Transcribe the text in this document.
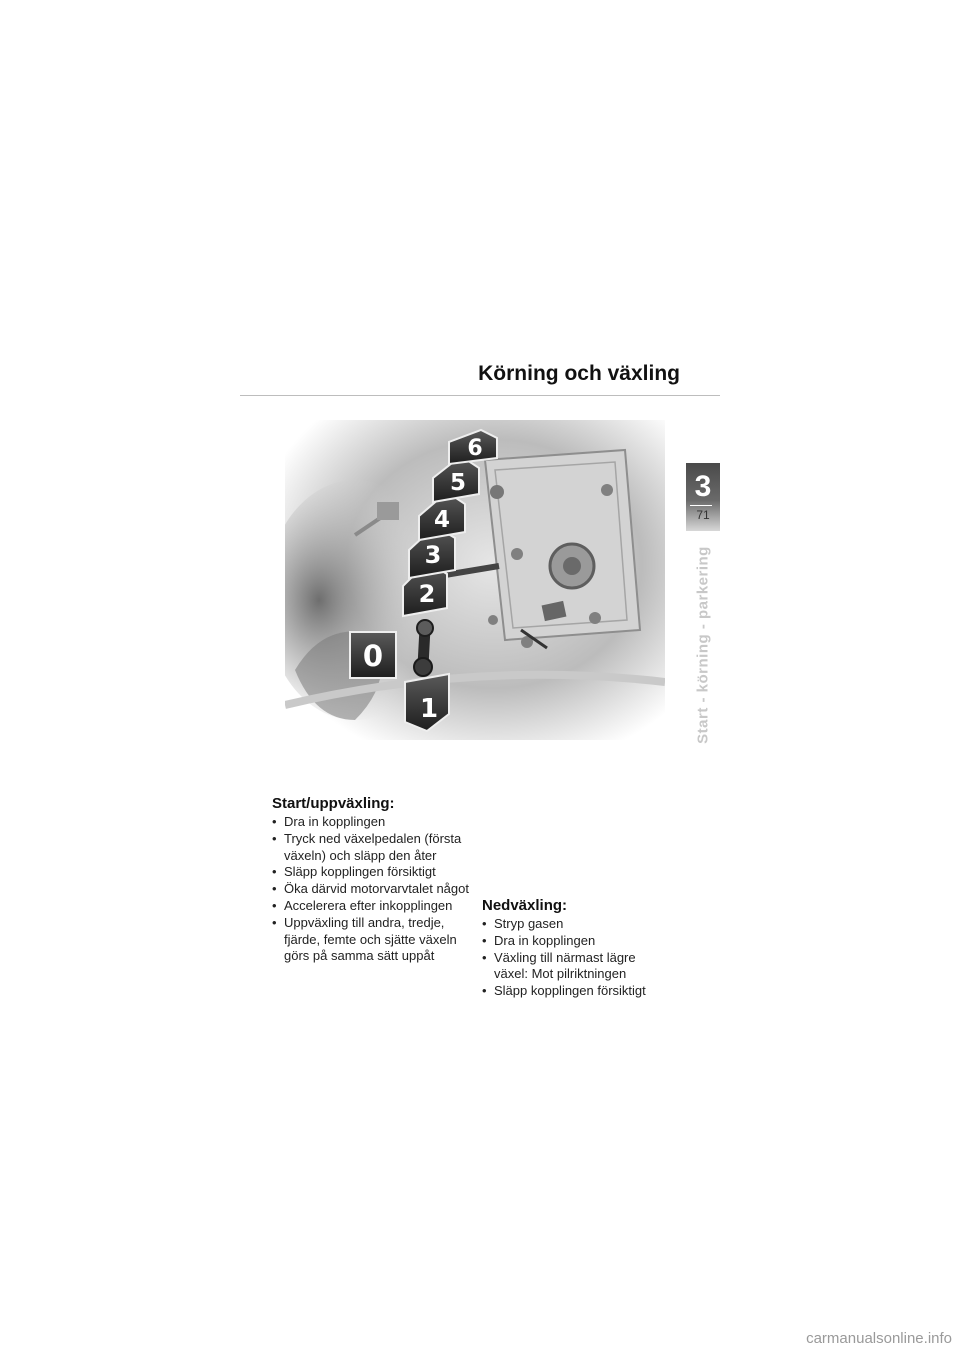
Körning och växling
3
71
Start - körning - parkering
0
1
2
3
4
5
6
Start/uppväxling:
• Dra in kopplingen
• Tryck ned växelpedalen (första växeln) och släpp den åter
• Släpp kopplingen försiktigt
• Öka därvid motorvarvtalet något
• Accelerera efter inkopplingen
• Uppväxling till andra, tredje, fjärde, femte och sjätte växeln görs på samma sätt uppåt
Nedväxling:
• Stryp gasen
• Dra in kopplingen
• Växling till närmast lägre växel: Mot pilriktningen
• Släpp kopplingen försiktigt
carmanualsonline.info
